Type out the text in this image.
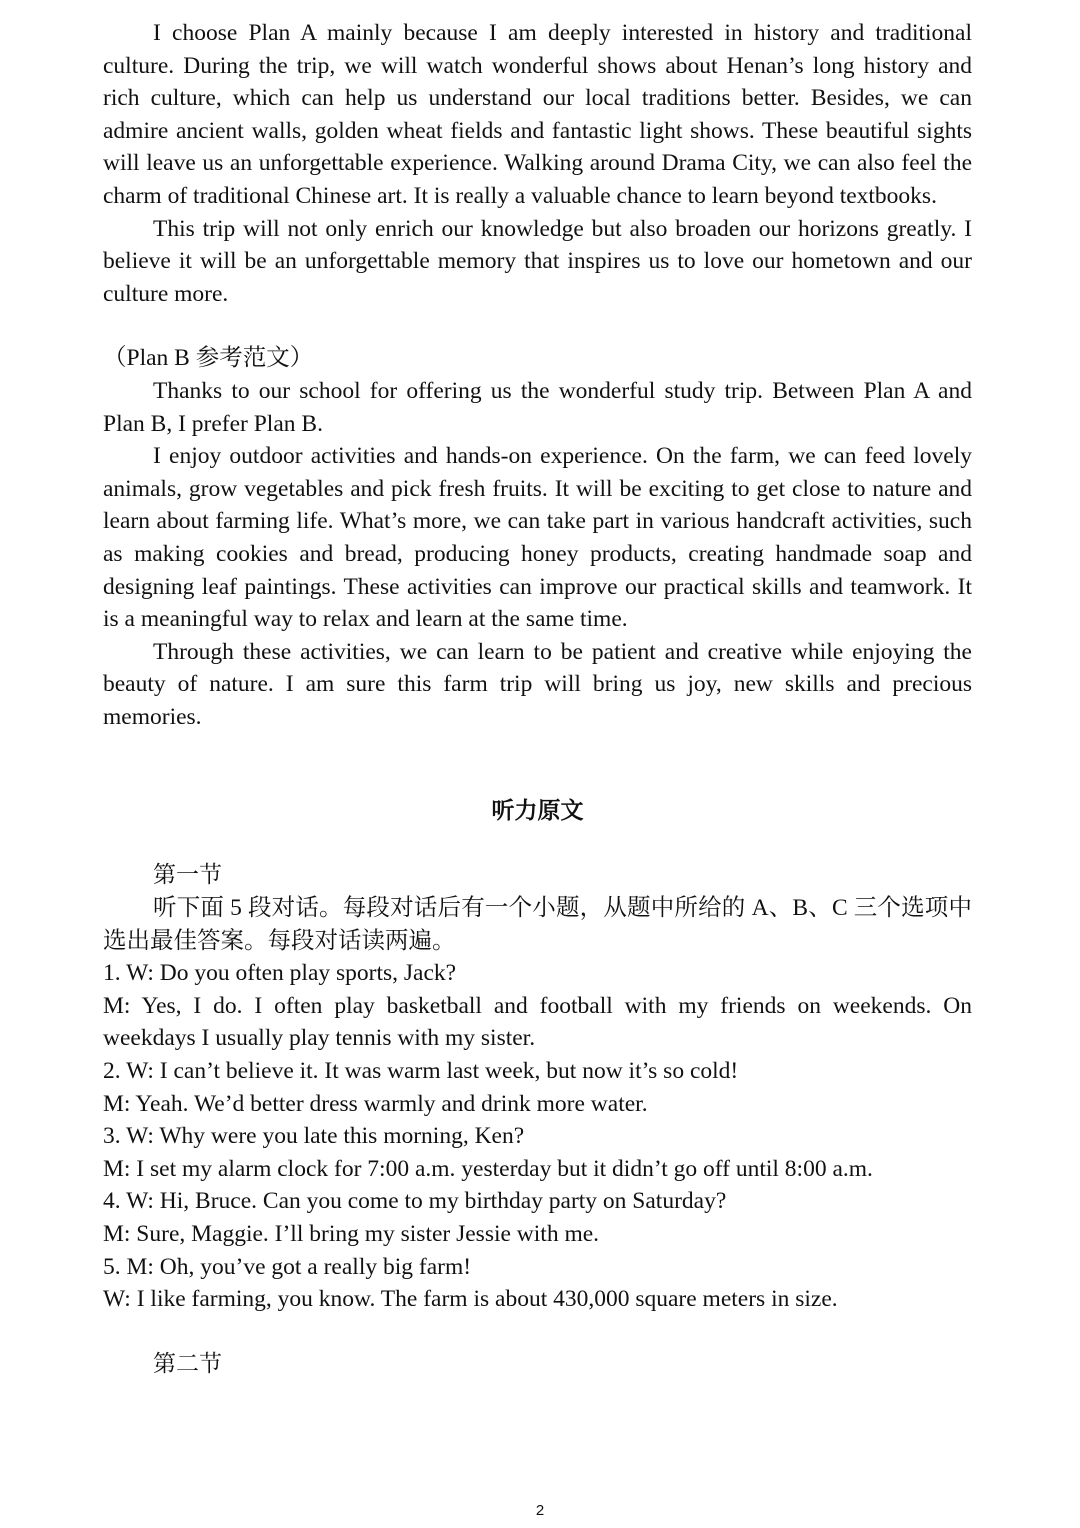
I choose Plan A mainly because I am deeply interested in history and traditional culture. During the trip, we will watch wonderful shows about Henan’s long history and rich culture, which can help us understand our local traditions better. Besides, we can admire ancient walls, golden wheat fields and fantastic light shows. These beautiful sights will leave us an unforgettable experience. Walking around Drama City, we can also feel the charm of traditional Chinese art. It is really a valuable chance to learn beyond textbooks.

This trip will not only enrich our knowledge but also broaden our horizons greatly. I believe it will be an unforgettable memory that inspires us to love our hometown and our culture more.

（Plan B 参考范文）

Thanks to our school for offering us the wonderful study trip. Between Plan A and Plan B, I prefer Plan B.

I enjoy outdoor activities and hands-on experience. On the farm, we can feed lovely animals, grow vegetables and pick fresh fruits. It will be exciting to get close to nature and learn about farming life. What’s more, we can take part in various handcraft activities, such as making cookies and bread, producing honey products, creating handmade soap and designing leaf paintings. These activities can improve our practical skills and teamwork. It is a meaningful way to relax and learn at the same time.

Through these activities, we can learn to be patient and creative while enjoying the beauty of nature. I am sure this farm trip will bring us joy, new skills and precious memories.

听力原文

第一节

听下面 5 段对话。每段对话后有一个小题，从题中所给的 A、B、C 三个选项中选出最佳答案。每段对话读两遍。

1. W: Do you often play sports, Jack?

M: Yes, I do. I often play basketball and football with my friends on weekends. On weekdays I usually play tennis with my sister.

2. W: I can’t believe it. It was warm last week, but now it’s so cold!

M: Yeah. We’d better dress warmly and drink more water.

3. W: Why were you late this morning, Ken?

M: I set my alarm clock for 7:00 a.m. yesterday but it didn’t go off until 8:00 a.m.

4. W: Hi, Bruce. Can you come to my birthday party on Saturday?

M: Sure, Maggie. I’ll bring my sister Jessie with me.

5. M: Oh, you’ve got a really big farm!

W: I like farming, you know. The farm is about 430,000 square meters in size.

第二节

2
